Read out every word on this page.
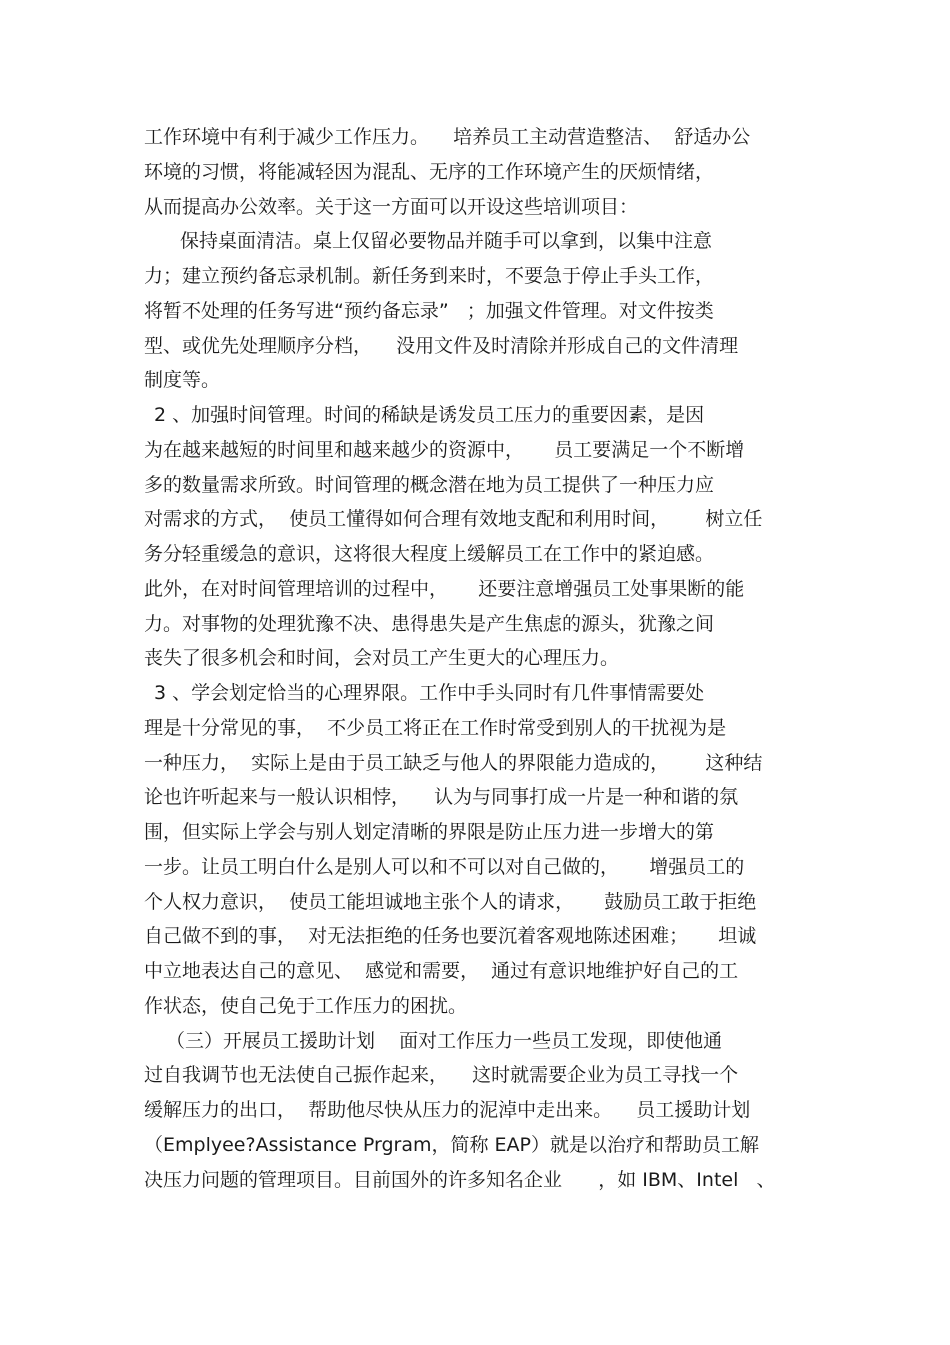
工作环境中有利于减少工作压力。    培养员工主动营造整洁、  舒适办公
环境的习惯，将能减轻因为混乱、无序的工作环境产生的厌烦情绪，
从而提高办公效率。关于这一方面可以开设这些培训项目：
保持桌面清洁。桌上仅留必要物品并随手可以拿到，以集中注意
力；建立预约备忘录机制。新任务到来时，不要急于停止手头工作，
将暂不处理的任务写进“预约备忘录”   ；加强文件管理。对文件按类
型、或优先处理顺序分档，    没用文件及时清除并形成自己的文件清理
制度等。
2 、加强时间管理。时间的稀缺是诱发员工压力的重要因素，是因
为在越来越短的时间里和越来越少的资源中，     员工要满足一个不断增
多的数量需求所致。时间管理的概念潜在地为员工提供了一种压力应
对需求的方式，  使员工懂得如何合理有效地支配和利用时间，      树立任
务分轻重缓急的意识，这将很大程度上缓解员工在工作中的紧迫感。
此外，在对时间管理培训的过程中，     还要注意增强员工处事果断的能
力。对事物的处理犹豫不决、患得患失是产生焦虑的源头，犹豫之间
丧失了很多机会和时间，会对员工产生更大的心理压力。
3 、学会划定恰当的心理界限。工作中手头同时有几件事情需要处
理是十分常见的事，  不少员工将正在工作时常受到别人的干扰视为是
一种压力，  实际上是由于员工缺乏与他人的界限能力造成的，      这种结
论也许听起来与一般认识相悖，    认为与同事打成一片是一种和谐的氛
围，但实际上学会与别人划定清晰的界限是防止压力进一步增大的第
一步。让员工明白什么是别人可以和不可以对自己做的，     增强员工的
个人权力意识，  使员工能坦诚地主张个人的请求，     鼓励员工敢于拒绝
自己做不到的事，  对无法拒绝的任务也要沉着客观地陈述困难；     坦诚
中立地表达自己的意见、  感觉和需要，  通过有意识地维护好自己的工
作状态，使自己免于工作压力的困扰。
（三）开展员工援助计划    面对工作压力一些员工发现，即使他通
过自我调节也无法使自己振作起来，    这时就需要企业为员工寻找一个
缓解压力的出口，  帮助他尽快从压力的泥淖中走出来。    员工援助计划
（Emplyee?Assistance Prgram，简称 EAP）就是以治疗和帮助员工解
决压力问题的管理项目。目前国外的许多知名企业      ，如 IBM、Intel   、
